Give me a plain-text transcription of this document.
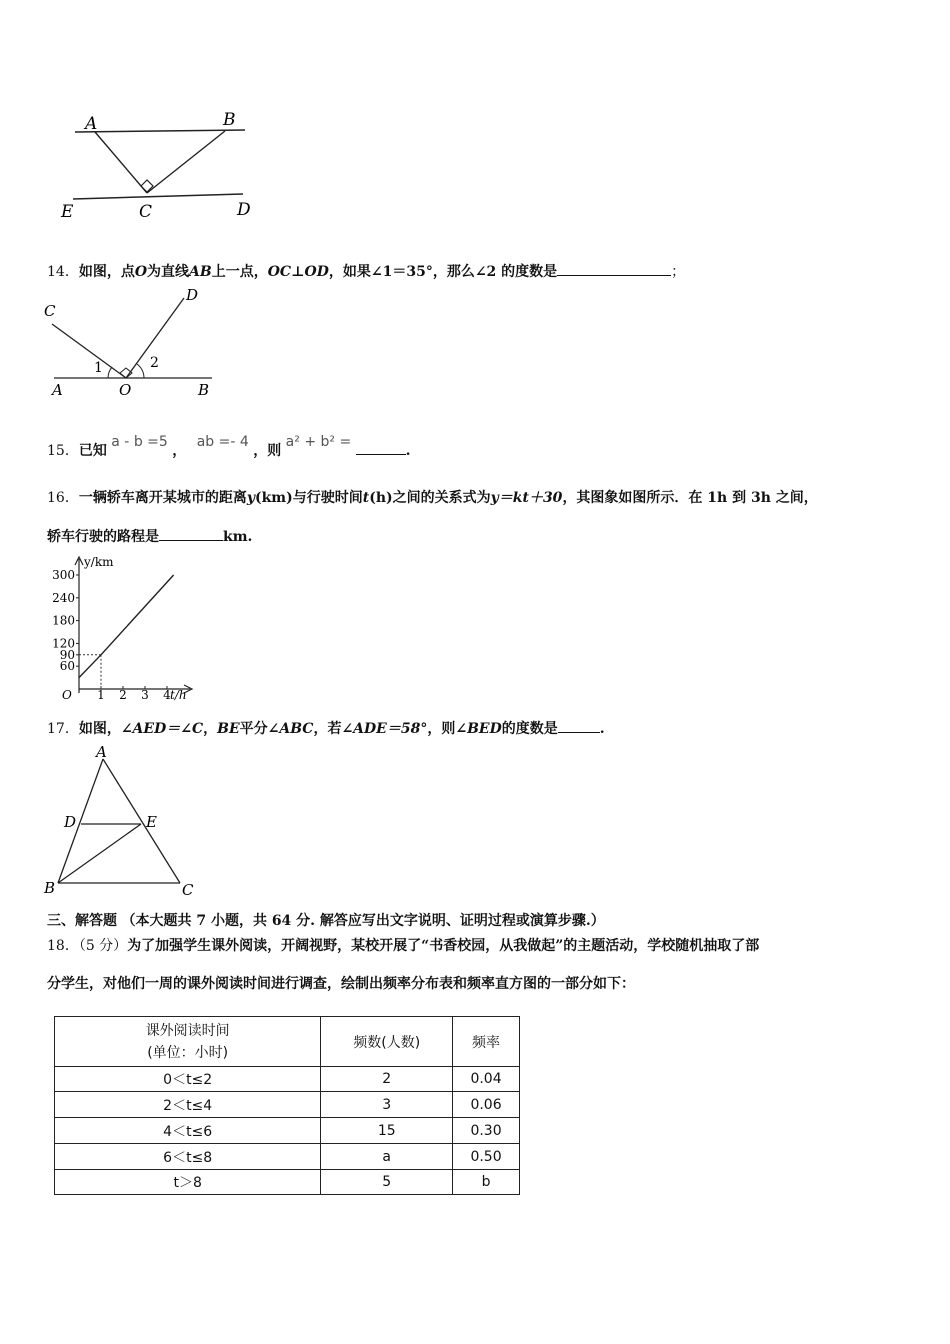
A	B
E	C	D
14．如图，点O为直线AB上一点，OC⊥OD，如果∠1＝35°，那么∠2 的度数是	；
C
D
1	2
A	O	B
15．已知 a - b =5 ， ab =- 4 ，则 a² + b² = .
16．一辆轿车离开某城市的距离y(km)与行驶时间t(h)之间的关系式为y＝kt＋30，其图象如图所示．在 1h 到 3h 之间，
轿车行驶的路程是	km.
300
240
180
120
90
60
1 2 3 4
y/km
t/h
O
17．如图，∠AED＝∠C，BE平分∠ABC，若∠ADE＝58°，则∠BED的度数是	.
A
D	E
B	C
三、解答题 （本大题共 7 小题，共 64 分. 解答应写出文字说明、证明过程或演算步骤.）
18．（5 分）为了加强学生课外阅读，开阔视野，某校开展了“书香校园，从我做起”的主题活动，学校随机抽取了部
分学生，对他们一周的课外阅读时间进行调查，绘制出频率分布表和频率直方图的一部分如下：
课外阅读时间
(单位：小时)	频数(人数)	频率
0＜t≤2	2	0.04
2＜t≤4	3	0.06
4＜t≤6	15	0.30
6＜t≤8	a	0.50
t＞8	5	b
